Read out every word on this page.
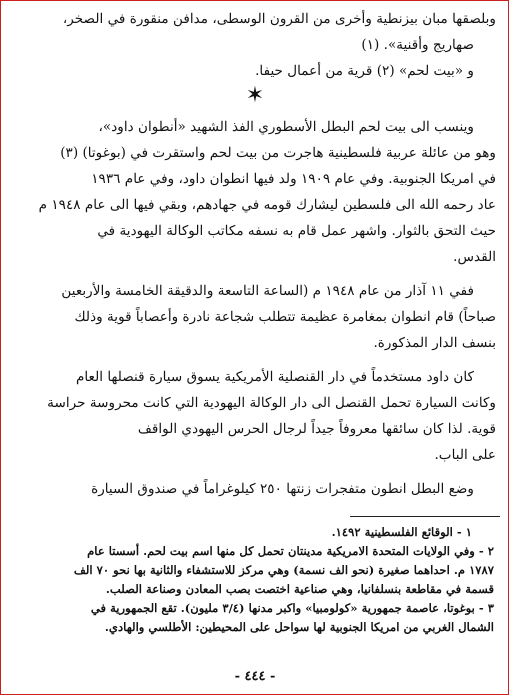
وبلصقها مبان بيزنطية وأخرى من القرون الوسطى، مدافن منقورة في الصخر،
صهاريج وأقنية». (١)
و «بيت لحم» (٢) قرية من أعمال حيفا.
✶
وينسب الى بيت لحم البطل الأسطوري الفذ الشهيد «أنطوان داود»،
وهو من عائلة عربية فلسطينية هاجرت من بيت لحم واستقرت في (بوغوتا) (٣)
في امريكا الجنوبية. وفي عام ١٩٠٩ ولد فيها انطوان داود، وفي عام ١٩٣٦
عاد رحمه الله الى فلسطين ليشارك قومه في جهادهم، وبقي فيها الى عام ١٩٤٨ م
حيث التحق بالثوار. واشهر عمل قام به نسفه مكاتب الوكالة اليهودية في
القدس.
ففي ١١ آذار من عام ١٩٤٨ م (الساعة التاسعة والدقيقة الخامسة والأربعين
صباحاً) قام انطوان بمغامرة عظيمة تتطلب شجاعة نادرة وأعصاباً قوية وذلك
بنسف الدار المذكورة.
كان داود مستخدماً في دار القنصلية الأمريكية يسوق سيارة قنصلها العام
وكانت السيارة تحمل القنصل الى دار الوكالة اليهودية التي كانت محروسة حراسة
قوية. لذا كان سائقها معروفاً جيداً لرجال الحرس اليهودي الواقف
على الباب.
وضع البطل انطون متفجرات زنتها ٢٥٠ كيلوغراماً في صندوق السيارة
١ - الوقائع الفلسطينية ١٤٩٢.
٢ - وفي الولايات المتحدة الامريكية مدينتان تحمل كل منها اسم بيت لحم. أسستا عام
١٧٨٧ م. احداهما صغيرة (نحو الف نسمة) وهي مركز للاستشفاء والثانية بها نحو ٧٠ الف
قسمة في مقاطعة بنسلفانيا، وهي صناعية اختصت بصب المعادن وصناعة الصلب.
٣ - بوغوتا، عاصمة جمهورية «كولومبيا» واكبر مدنها (٣/٤ مليون). تقع الجمهورية في
الشمال الغربي من امريكا الجنوبية لها سواحل على المحيطين: الأطلسي والهادي.
- ٤٤٤ -
